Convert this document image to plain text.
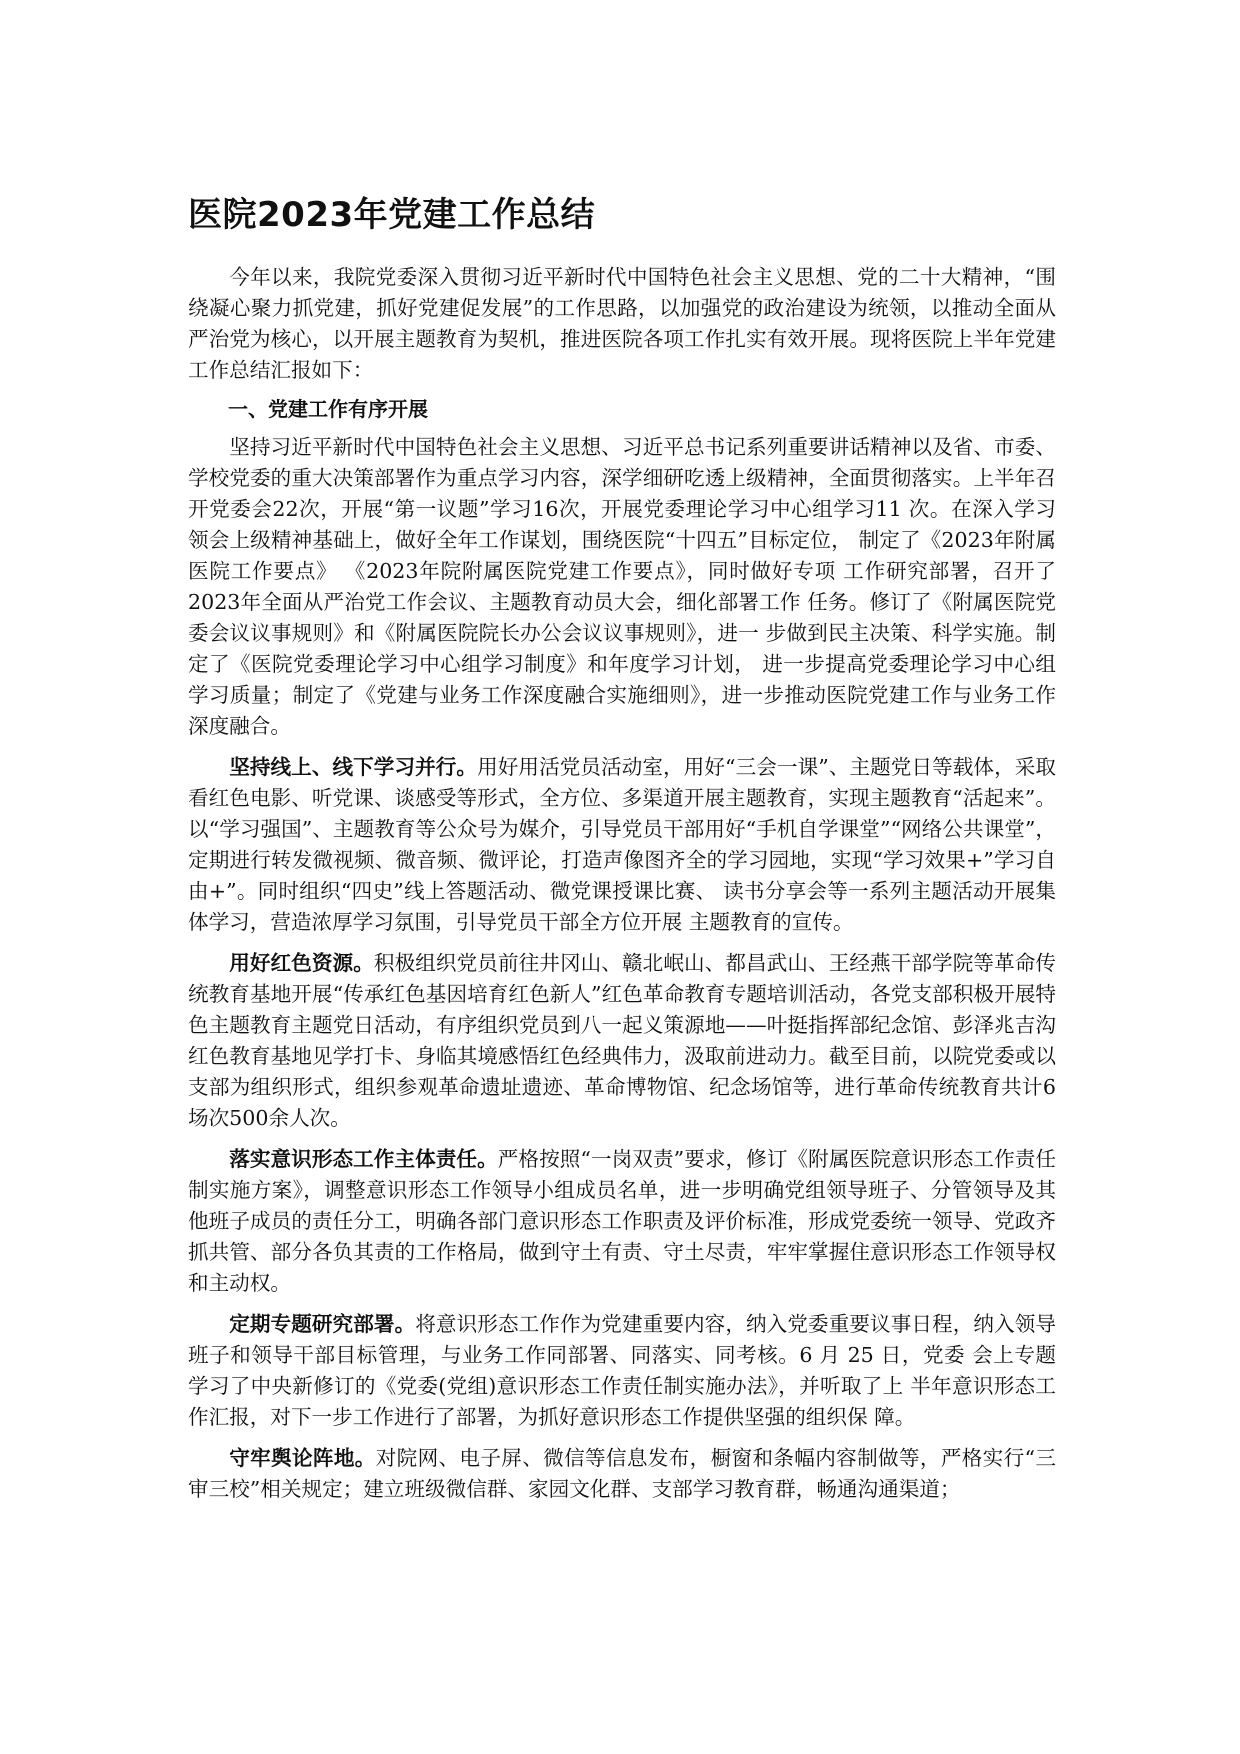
医院2023年党建工作总结

今年以来，我院党委深入贯彻习近平新时代中国特色社会主义思想、党的二十大精神，“围绕凝心聚力抓党建，抓好党建促发展”的工作思路，以加强党的政治建设为统领，以推动全面从严治党为核心，以开展主题教育为契机，推进医院各项工作扎实有效开展。现将医院上半年党建工作总结汇报如下：

一、党建工作有序开展

坚持习近平新时代中国特色社会主义思想、习近平总书记系列重要讲话精神以及省、市委、学校党委的重大决策部署作为重点学习内容，深学细研吃透上级精神，全面贯彻落实。上半年召开党委会22次，开展“第一议题”学习16次，开展党委理论学习中心组学习11 次。在深入学习领会上级精神基础上，做好全年工作谋划，围绕医院“十四五”目标定位， 制定了《2023年附属医院工作要点》 《2023年院附属医院党建工作要点》，同时做好专项 工作研究部署，召开了2023年全面从严治党工作会议、主题教育动员大会，细化部署工作 任务。修订了《附属医院党委会议议事规则》和《附属医院院长办公会议议事规则》，进一 步做到民主决策、科学实施。制定了《医院党委理论学习中心组学习制度》和年度学习计划， 进一步提高党委理论学习中心组学习质量；制定了《党建与业务工作深度融合实施细则》，进一步推动医院党建工作与业务工作深度融合。

坚持线上、线下学习并行。用好用活党员活动室，用好“三会一课”、主题党日等载体，采取看红色电影、听党课、谈感受等形式，全方位、多渠道开展主题教育，实现主题教育“活起来”。以“学习强国”、主题教育等公众号为媒介，引导党员干部用好“手机自学课堂”“网络公共课堂”，定期进行转发微视频、微音频、微评论，打造声像图齐全的学习园地，实现“学习效果+”学习自由+”。同时组织“四史”线上答题活动、微党课授课比赛、 读书分享会等一系列主题活动开展集体学习，营造浓厚学习氛围，引导党员干部全方位开展 主题教育的宣传。

用好红色资源。积极组织党员前往井冈山、赣北岷山、都昌武山、王经燕干部学院等革命传统教育基地开展“传承红色基因培育红色新人”红色革命教育专题培训活动，各党支部积极开展特色主题教育主题党日活动，有序组织党员到八一起义策源地——叶挺指挥部纪念馆、彭泽兆吉沟红色教育基地见学打卡、身临其境感悟红色经典伟力，汲取前进动力。截至目前，以院党委或以支部为组织形式，组织参观革命遗址遗迹、革命博物馆、纪念场馆等，进行革命传统教育共计6场次500余人次。

落实意识形态工作主体责任。严格按照“一岗双责”要求，修订《附属医院意识形态工作责任制实施方案》，调整意识形态工作领导小组成员名单，进一步明确党组领导班子、分管领导及其他班子成员的责任分工，明确各部门意识形态工作职责及评价标准，形成党委统一领导、党政齐抓共管、部分各负其责的工作格局，做到守土有责、守土尽责，牢牢掌握住意识形态工作领导权和主动权。

定期专题研究部署。将意识形态工作作为党建重要内容，纳入党委重要议事日程，纳入领导班子和领导干部目标管理，与业务工作同部署、同落实、同考核。6 月 25 日，党委 会上专题学习了中央新修订的《党委(党组)意识形态工作责任制实施办法》，并听取了上 半年意识形态工作汇报，对下一步工作进行了部署，为抓好意识形态工作提供坚强的组织保 障。

守牢舆论阵地。对院网、电子屏、微信等信息发布，橱窗和条幅内容制做等，严格实行“三审三校”相关规定；建立班级微信群、家园文化群、支部学习教育群，畅通沟通渠道；
